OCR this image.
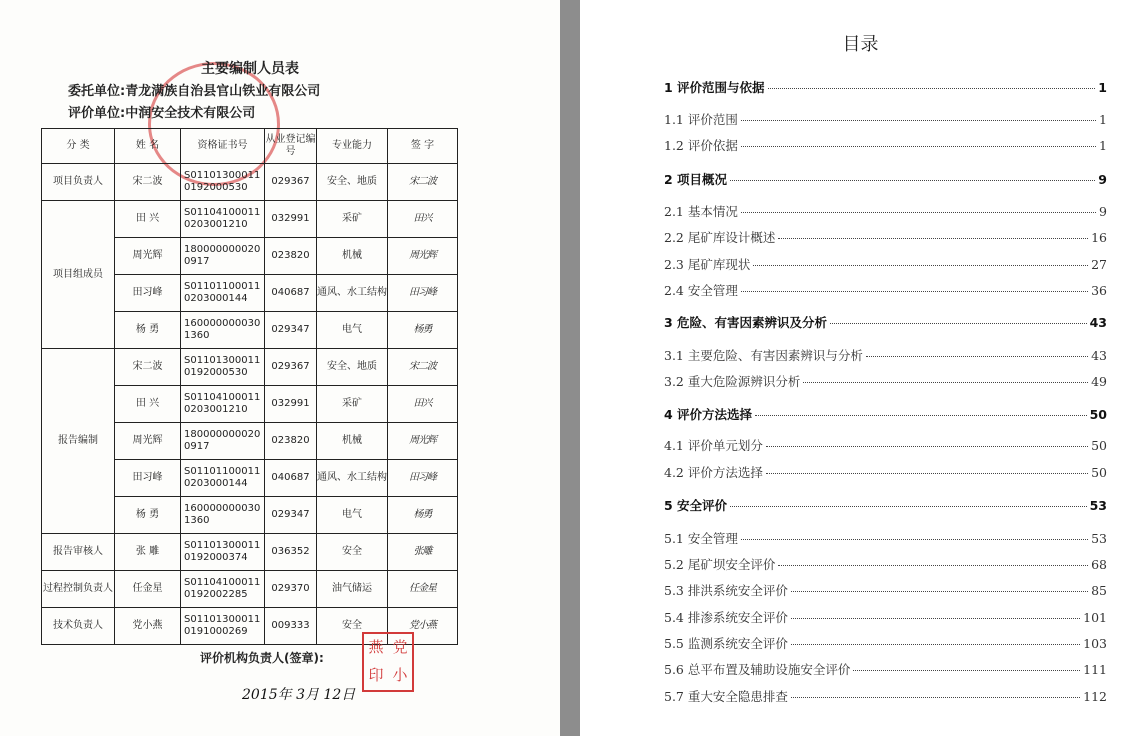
主要编制人员表
委托单位:青龙满族自治县官山铁业有限公司
评价单位:中润安全技术有限公司
分 类	姓 名	资格证书号	从业登记编号	专业能力	签 字
项目负责人	宋二波	S011013000110192000530	029367	安全、地质	宋二波
项目组成员	田 兴	S011041000110203001210	032991	采矿	田兴
	周光辉	1800000000200917	023820	机械	周光辉
	田习峰	S011011000110203000144	040687	通风、水工结构	田习峰
	杨 勇	1600000000301360	029347	电气	杨勇
报告编制	宋二波	S011013000110192000530	029367	安全、地质	宋二波
	田 兴	S011041000110203001210	032991	采矿	田兴
	周光辉	1800000000200917	023820	机械	周光辉
	田习峰	S011011000110203000144	040687	通风、水工结构	田习峰
	杨 勇	1600000000301360	029347	电气	杨勇
报告审核人	张 雕	S011013000110192000374	036352	安全	张雕
过程控制负责人	任金星	S011041000110192002285	029370	油气储运	任金星
技术负责人	党小燕	S011013000110191000269	009333	安全	党小燕
评价机构负责人(签章):
燕 党
印 小
2015年 3月 12日
目录
1 评价范围与依据	1
1.1 评价范围	1
1.2 评价依据	1
2 项目概况	9
2.1 基本情况	9
2.2 尾矿库设计概述	16
2.3 尾矿库现状	27
2.4 安全管理	36
3 危险、有害因素辨识及分析	43
3.1 主要危险、有害因素辨识与分析	43
3.2 重大危险源辨识分析	49
4 评价方法选择	50
4.1 评价单元划分	50
4.2 评价方法选择	50
5 安全评价	53
5.1 安全管理	53
5.2 尾矿坝安全评价	68
5.3 排洪系统安全评价	85
5.4 排渗系统安全评价	101
5.5 监测系统安全评价	103
5.6 总平布置及辅助设施安全评价	111
5.7 重大安全隐患排查	112
